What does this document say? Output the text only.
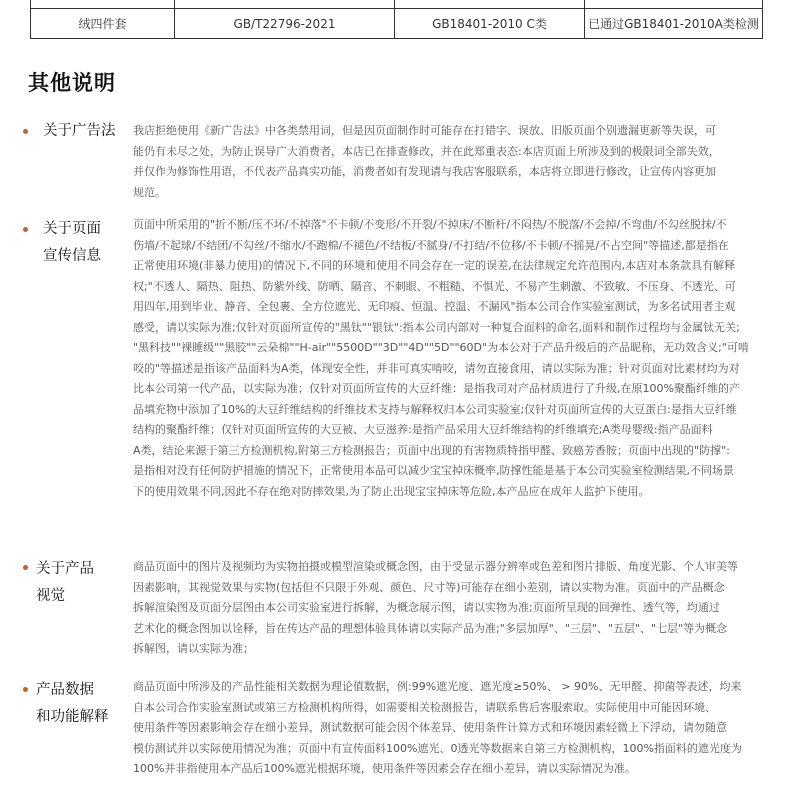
绒四件套	GB/T22796-2021	GB18401-2010 C类	已通过GB18401-2010A类检测
其他说明
关于广告法 我店拒绝使用《新广告法》中各类禁用词，但是因页面制作时可能存在打错字、误放、旧版页面个别遗漏更新等失误，可
能仍有未尽之处，为防止误导广大消费者，本店已在排查修改，并在此郑重表态:本店页面上所涉及到的极限词全部失效，
并仅作为修饰性用语，不代表产品真实功能，消费者如有发现请与我店客服联系，本店将立即进行修改，让宣传内容更加
规范。

关于页面
宣传信息

页面中所采用的"折不断/压不坏/不掉落"不卡顿/不变形/不开裂/不掉床/不断杆/不闷热/不脱落/不会掉/不弯曲/不勾丝脱抹/不
伤墙/不起球/不结团/不勾丝/不缩水/不跑棉/不褪色/不结板/不腻身/不打结/不位移/不卡顿/不摇晃/不占空间"等描述,都是指在
正常使用环境(非暴力使用)的情况下,不同的环境和使用不同会存在一定的误差,在法律规定允许范围内,本店对本条款具有解释
权;"不透人、隔热、阻热、防紫外线、防晒、隔音、不刺眼、不粗糙、不惧光、不易产生刺激、不致敏、不压身、不透光、可
用四年,用到毕业、静音、全包裹、全方位遮光、无印痕、恒温、控温、不漏风"指本公司合作实验室测试，为多名试用者主观
感受，请以实际为准;仅针对页面所宣传的"黑钛""银钛":指本公司内部对一种复合面料的命名,面料和制作过程均与金属钛无关;
"黑科技""裸睡级""黑胶""云朵棉""H-air""5500D""3D""4D""5D""60D"为本公对于产品升级后的产品昵称，无功效含义;"可啃
咬的"等描述是指该产品面料为A类，体现安全性，并非可真实啃咬，请勿直接食用，请以实际为准；针对页面对比素材均为对
比本公司第一代产品，以实际为准；仅针对页面所宣传的大豆纤维：是指我司对产品材质进行了升级,在原100%聚酯纤维的产
品填充物中添加了10%的大豆纤维结构的纤维技术支持与解释权归本公司实验室;仅针对页面所宣传的大豆蛋白:是指大豆纤维
结构的聚酯纤维；仅针对页面所宣传的大豆被、大豆滋养:是指产品采用大豆纤维结构的纤维填充;A类母婴级:指产品面料
A类，结论来源于第三方检测机构,附第三方检测报告；页面中出现的有害物质特指甲醛、致癌芳香胺；页面中出现的"防撑":
是指相对没有任何防护措施的情况下，正常使用本品可以减少宝宝掉床概率,防撑性能是基于本公司实验室检测结果,不同场景
下的使用效果不同,因此不存在绝对防摔效果,为了防止出现宝宝掉床等危险,本产品应在成年人监护下使用。

关于产品
视觉

商品页面中的图片及视频均为实物拍摄或模型渲染或概念图，由于受显示器分辨率或色差和图片排版、角度光影、个人审美等
因素影响，其视觉效果与实物(包括但不只限于外观、颜色、尺寸等)可能存在细小差别，请以实物为准。页面中的产品概念
拆解渲染图及页面分层图由本公司实验室进行拆解，为概念展示图，请以实物为准;页面所呈现的回弹性、透气等，均通过
艺术化的概念图加以诠释，旨在传达产品的理想体验具体请以实际产品为准;"多层加厚"、"三层"、"五层"、"七层"等为概念
拆解图，请以实际为准；

产品数据
和功能解释

商品页面中所涉及的产品性能相关数据为理论值数据，例:99%遮光度、遮光度≥50%、 > 90%、无甲醛、抑菌等表述，均来
自本公司合作实验室测试或第三方检测机构所得，如需要相关检测报告，请联系售后客服索取。实际使用中可能因环境、
使用条件等因素影响会存在细小差异，测试数据可能会因个体差异、使用条件计算方式和环境因素轻微上下浮动，请勿随意
模仿测试并以实际使用情况为准；页面中有宣传面料100%遮光、0透光等数据来自第三方检测机构，100%指面料的遮光度为
100%并非指使用本产品后100%遮光根据环境，使用条件等因素会存在细小差异，请以实际情况为准。
